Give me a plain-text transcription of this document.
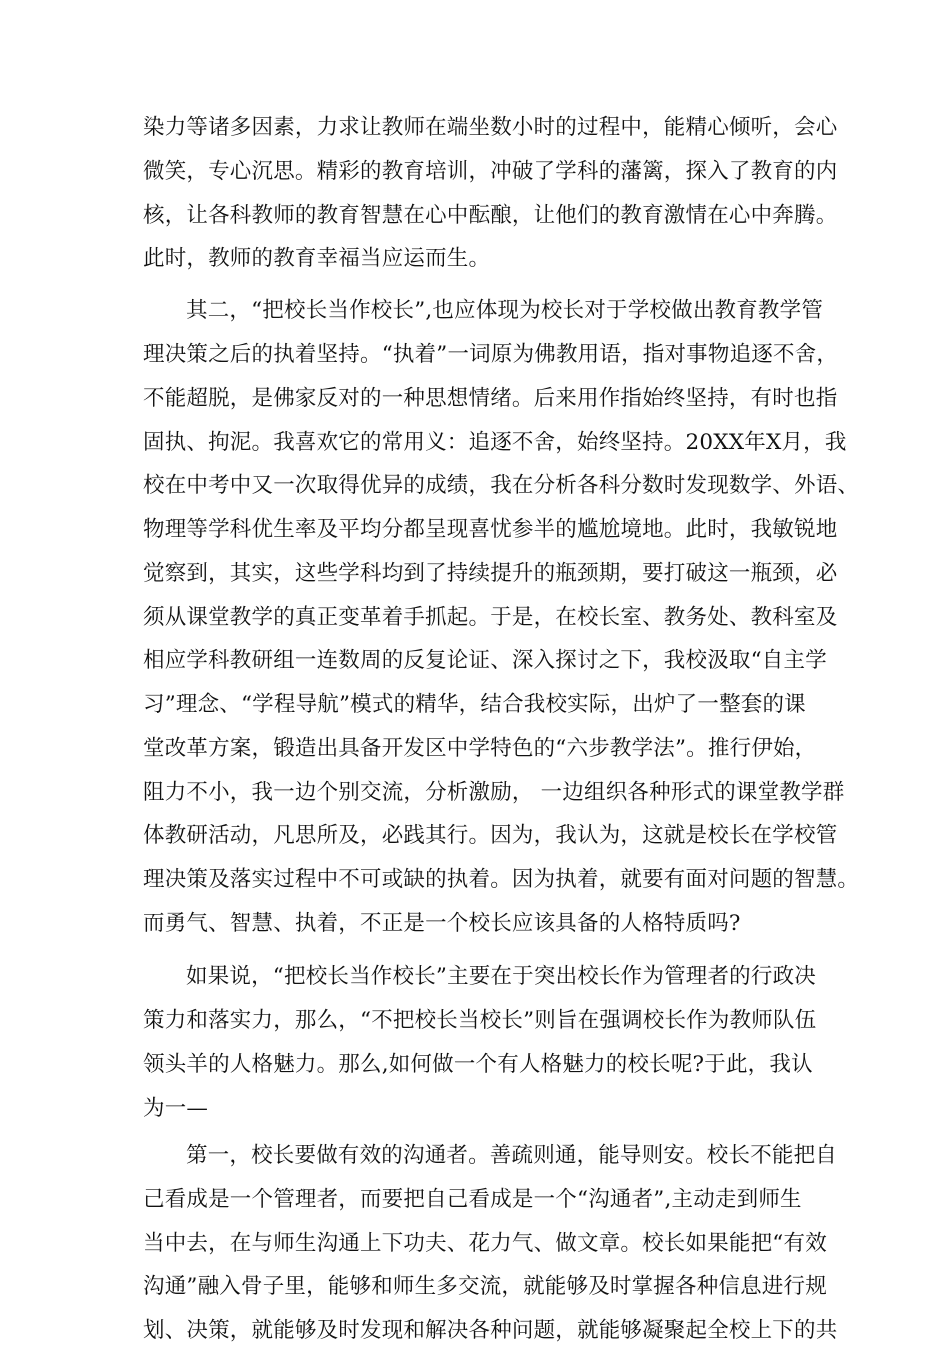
染力等诸多因素，力求让教师在端坐数小时的过程中，能精心倾听，会心
微笑，专心沉思。精彩的教育培训，冲破了学科的藩篱，探入了教育的内
核，让各科教师的教育智慧在心中酝酿，让他们的教育激情在心中奔腾。
此时，教师的教育幸福当应运而生。
其二，“把校长当作校长”,也应体现为校长对于学校做出教育教学管
理决策之后的执着坚持。“执着”一词原为佛教用语，指对事物追逐不舍，
不能超脱，是佛家反对的一种思想情绪。后来用作指始终坚持，有时也指
固执、拘泥。我喜欢它的常用义：追逐不舍，始终坚持。20XX年X月，我
校在中考中又一次取得优异的成绩，我在分析各科分数时发现数学、外语、
物理等学科优生率及平均分都呈现喜忧参半的尴尬境地。此时，我敏锐地
觉察到，其实，这些学科均到了持续提升的瓶颈期，要打破这一瓶颈，必
须从课堂教学的真正变革着手抓起。于是，在校长室、教务处、教科室及
相应学科教研组一连数周的反复论证、深入探讨之下，我校汲取“自主学
习”理念、“学程导航”模式的精华，结合我校实际，出炉了一整套的课
堂改革方案，锻造出具备开发区中学特色的“六步教学法”。推行伊始，
阻力不小，我一边个别交流，分析激励， 一边组织各种形式的课堂教学群
体教研活动，凡思所及，必践其行。因为，我认为，这就是校长在学校管
理决策及落实过程中不可或缺的执着。因为执着，就要有面对问题的智慧。
而勇气、智慧、执着，不正是一个校长应该具备的人格特质吗?
如果说，“把校长当作校长”主要在于突出校长作为管理者的行政决
策力和落实力，那么，“不把校长当校长”则旨在强调校长作为教师队伍
领头羊的人格魅力。那么,如何做一个有人格魅力的校长呢?于此，我认
为一—
第一，校长要做有效的沟通者。善疏则通，能导则安。校长不能把自
己看成是一个管理者，而要把自己看成是一个“沟通者”,主动走到师生
当中去，在与师生沟通上下功夫、花力气、做文章。校长如果能把“有效
沟通”融入骨子里，能够和师生多交流，就能够及时掌握各种信息进行规
划、决策，就能够及时发现和解决各种问题，就能够凝聚起全校上下的共
